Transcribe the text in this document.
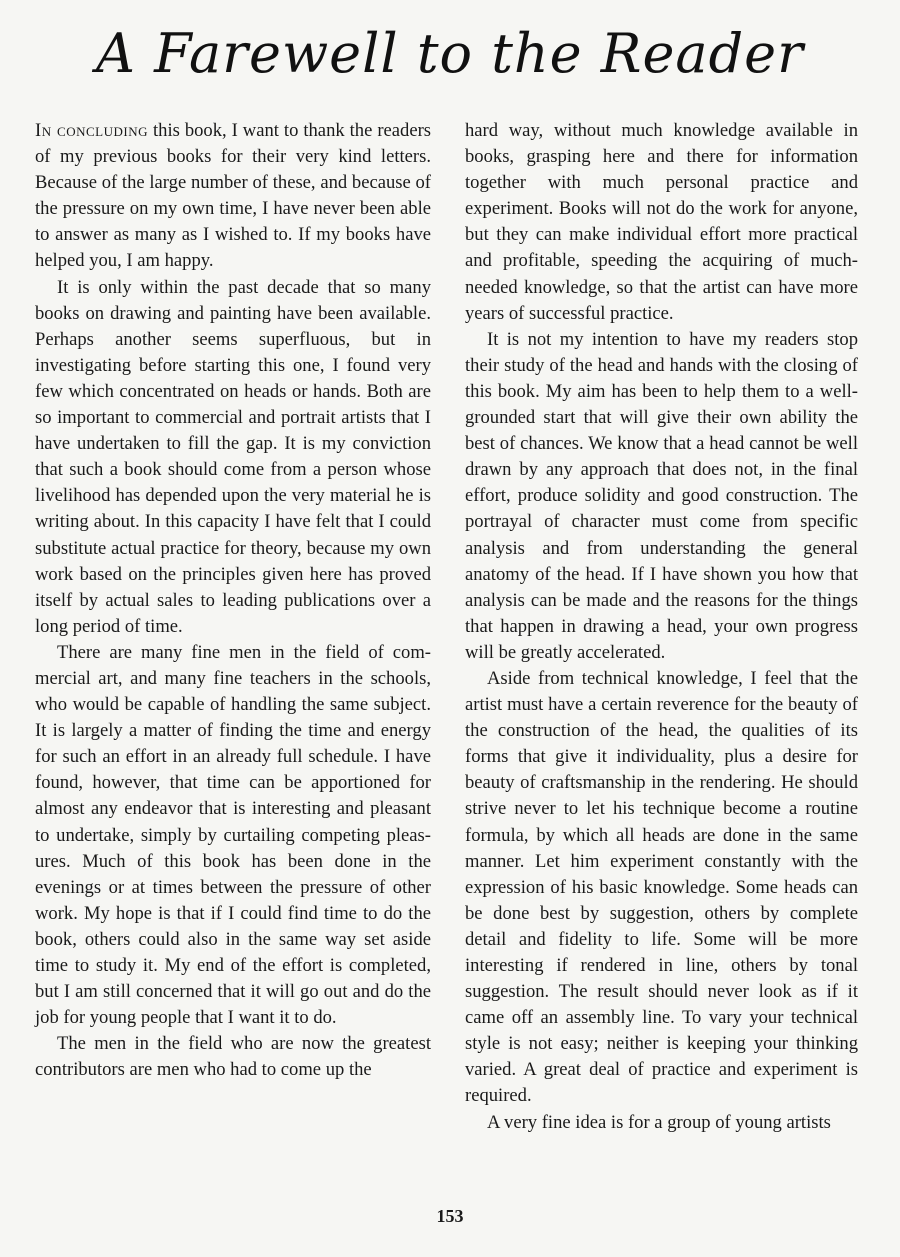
A Farewell to the Reader

In concluding this book, I want to thank the readers of my previous books for their very kind letters. Because of the large number of these, and because of the pressure on my own time, I have never been able to answer as many as I wished to. If my books have helped you, I am happy.

It is only within the past decade that so many books on drawing and painting have been available. Perhaps another seems superfluous, but in investigating before starting this one, I found very few which concentrated on heads or hands. Both are so important to commercial and portrait artists that I have undertaken to fill the gap. It is my conviction that such a book should come from a person whose livelihood has depended upon the very material he is writing about. In this capacity I have felt that I could substitute actual practice for theory, because my own work based on the principles given here has proved itself by actual sales to leading publications over a long period of time.

There are many fine men in the field of commercial art, and many fine teachers in the schools, who would be capable of handling the same subject. It is largely a matter of finding the time and energy for such an effort in an already full schedule. I have found, however, that time can be apportioned for almost any endeavor that is interesting and pleasant to undertake, simply by curtailing competing pleasures. Much of this book has been done in the evenings or at times between the pressure of other work. My hope is that if I could find time to do the book, others could also in the same way set aside time to study it. My end of the effort is completed, but I am still concerned that it will go out and do the job for young people that I want it to do.

The men in the field who are now the greatest contributors are men who had to come up the

hard way, without much knowledge available in books, grasping here and there for information together with much personal practice and experiment. Books will not do the work for anyone, but they can make individual effort more practical and profitable, speeding the acquiring of much-needed knowledge, so that the artist can have more years of successful practice.

It is not my intention to have my readers stop their study of the head and hands with the closing of this book. My aim has been to help them to a well-grounded start that will give their own ability the best of chances. We know that a head cannot be well drawn by any approach that does not, in the final effort, produce solidity and good construction. The portrayal of character must come from specific analysis and from understanding the general anatomy of the head. If I have shown you how that analysis can be made and the reasons for the things that happen in drawing a head, your own progress will be greatly accelerated.

Aside from technical knowledge, I feel that the artist must have a certain reverence for the beauty of the construction of the head, the qualities of its forms that give it individuality, plus a desire for beauty of craftsmanship in the rendering. He should strive never to let his technique become a routine formula, by which all heads are done in the same manner. Let him experiment constantly with the expression of his basic knowledge. Some heads can be done best by suggestion, others by complete detail and fidelity to life. Some will be more interesting if rendered in line, others by tonal suggestion. The result should never look as if it came off an assembly line. To vary your technical style is not easy; neither is keeping your thinking varied. A great deal of practice and experiment is required.

A very fine idea is for a group of young artists

153
